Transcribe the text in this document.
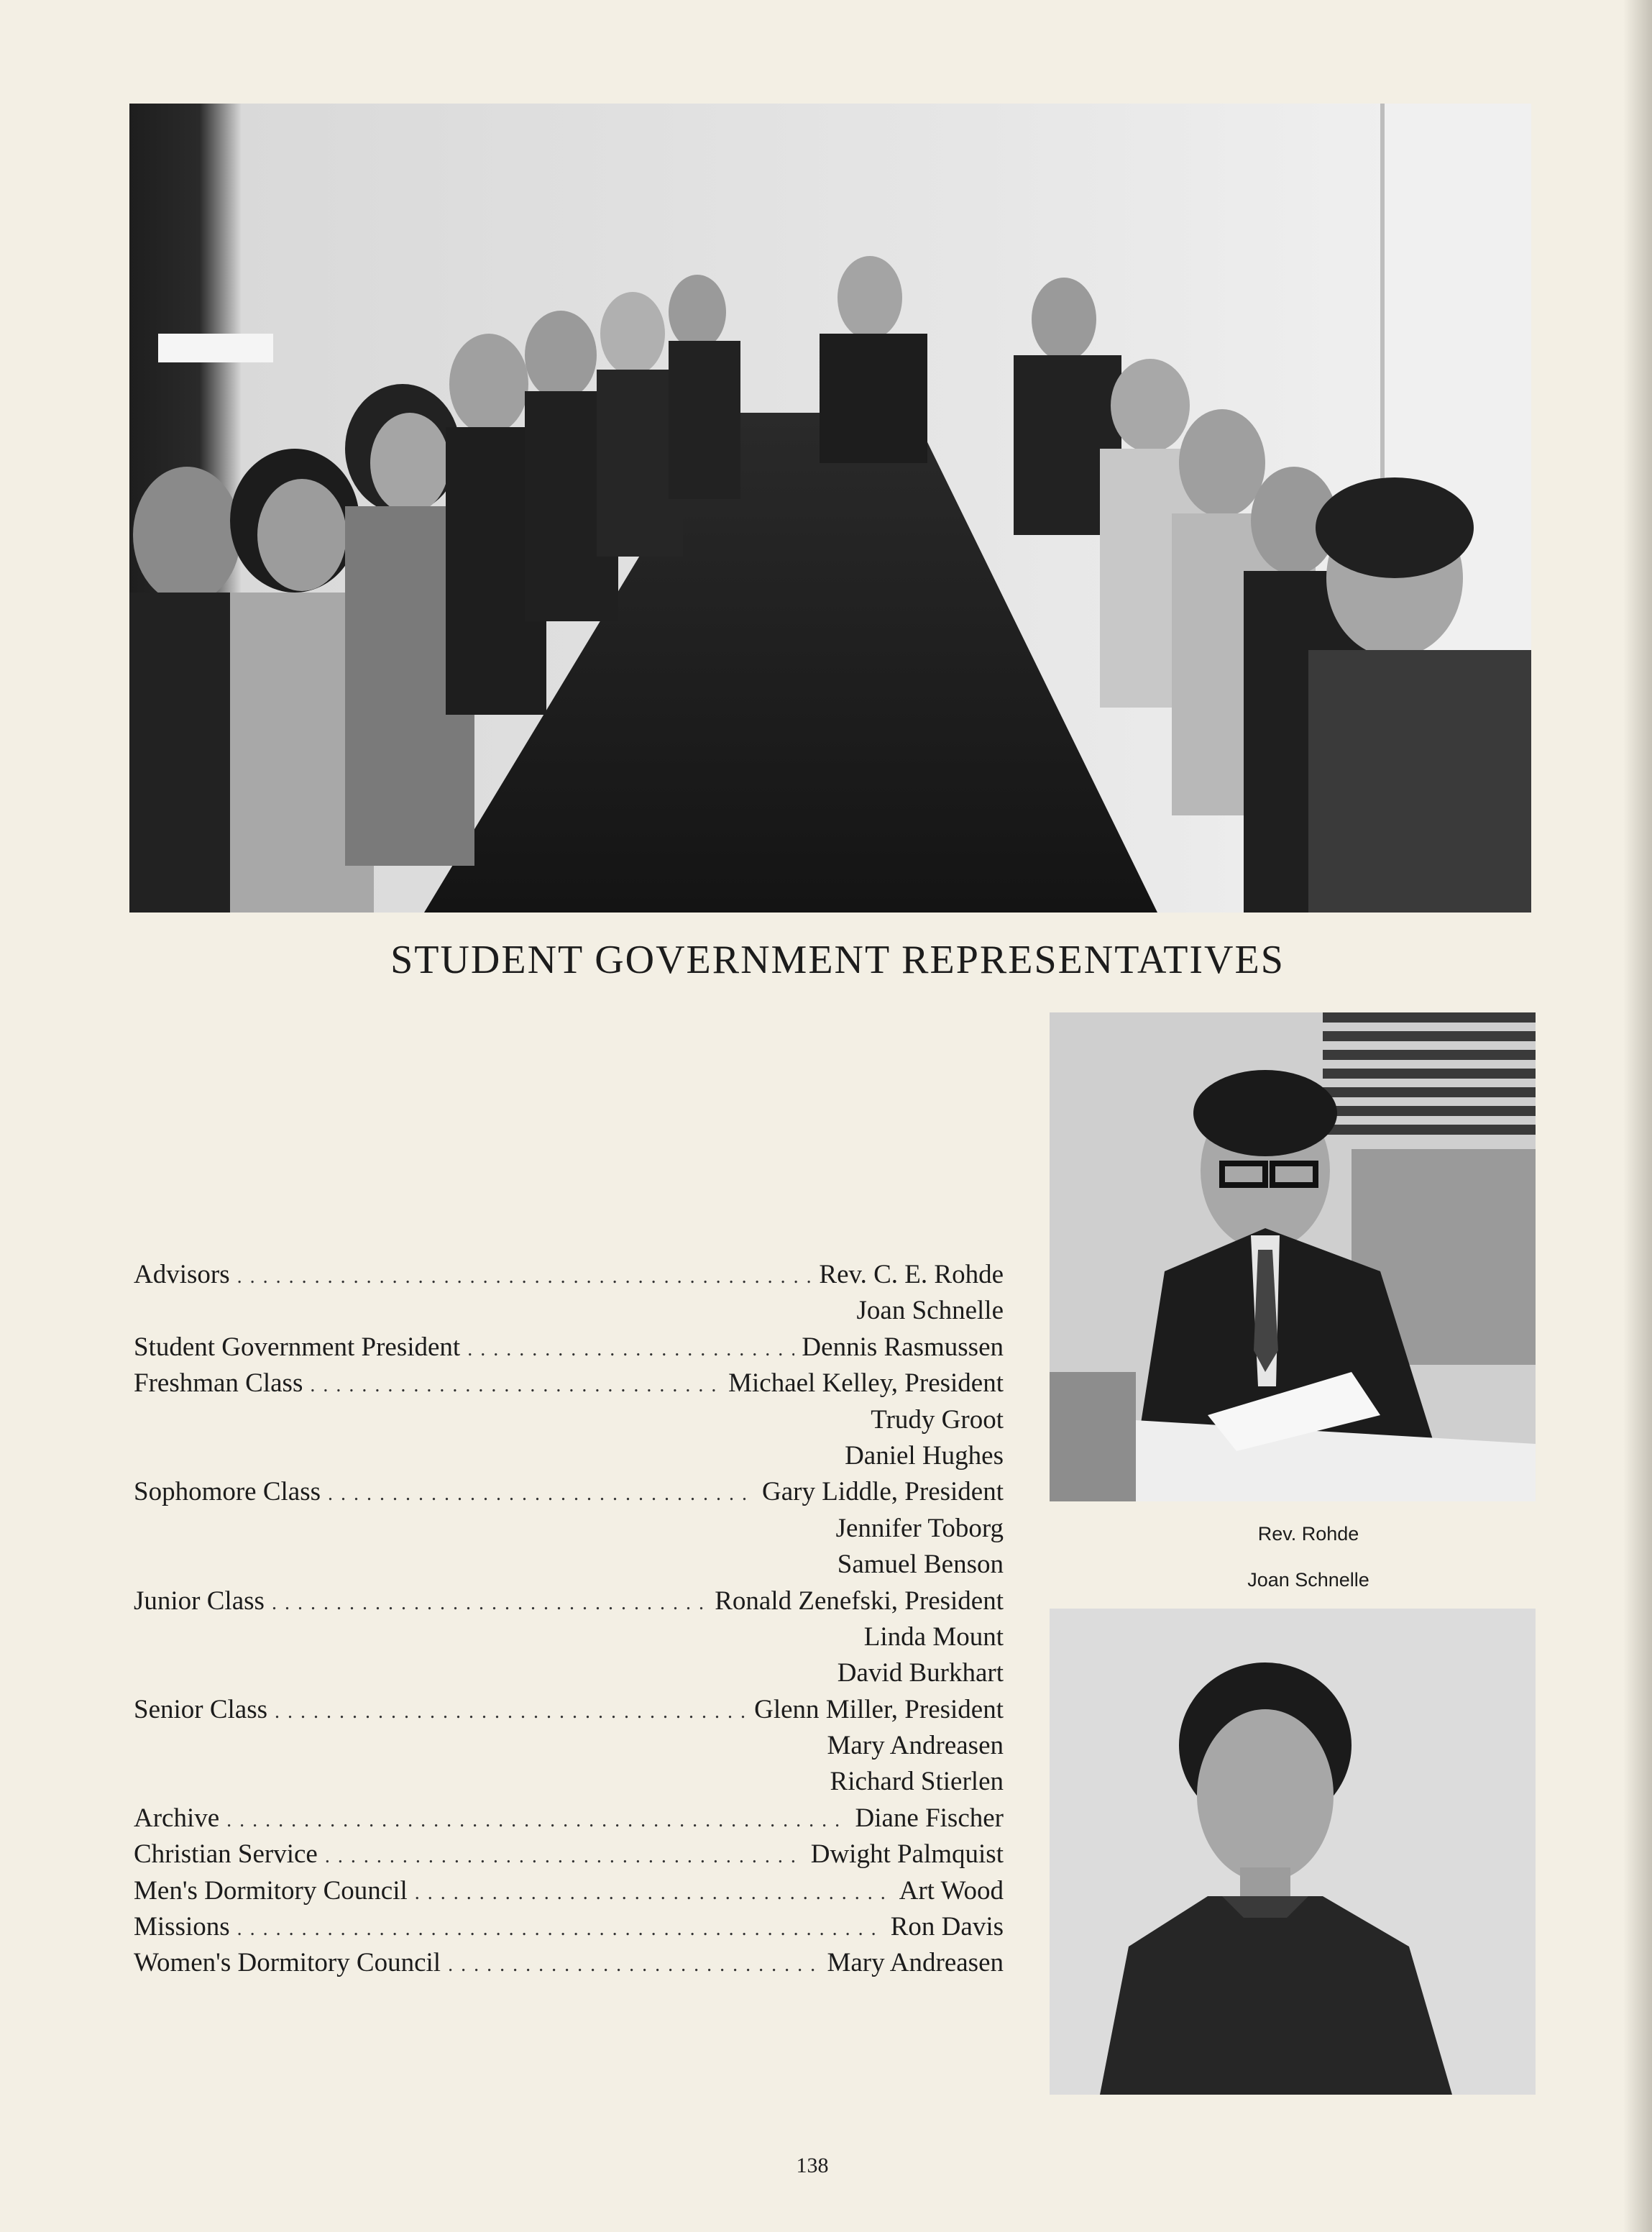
STUDENT GOVERNMENT REPRESENTATIVES
Advisors . . .	Rev. C. E. Rohde
Joan Schnelle
Student Government President . . .	Dennis Rasmussen
Freshman Class . . .	Michael Kelley, President
Trudy Groot
Daniel Hughes
Sophomore Class . . .	Gary Liddle, President
Jennifer Toborg
Samuel Benson
Junior Class . . .	Ronald Zenefski, President
Linda Mount
David Burkhart
Senior Class . . .	Glenn Miller, President
Mary Andreasen
Richard Stierlen
Archive . . .	Diane Fischer
Christian Service . . .	Dwight Palmquist
Men's Dormitory Council . . .	Art Wood
Missions . . .	Ron Davis
Women's Dormitory Council . . .	Mary Andreasen
Rev. Rohde
Joan Schnelle
138
